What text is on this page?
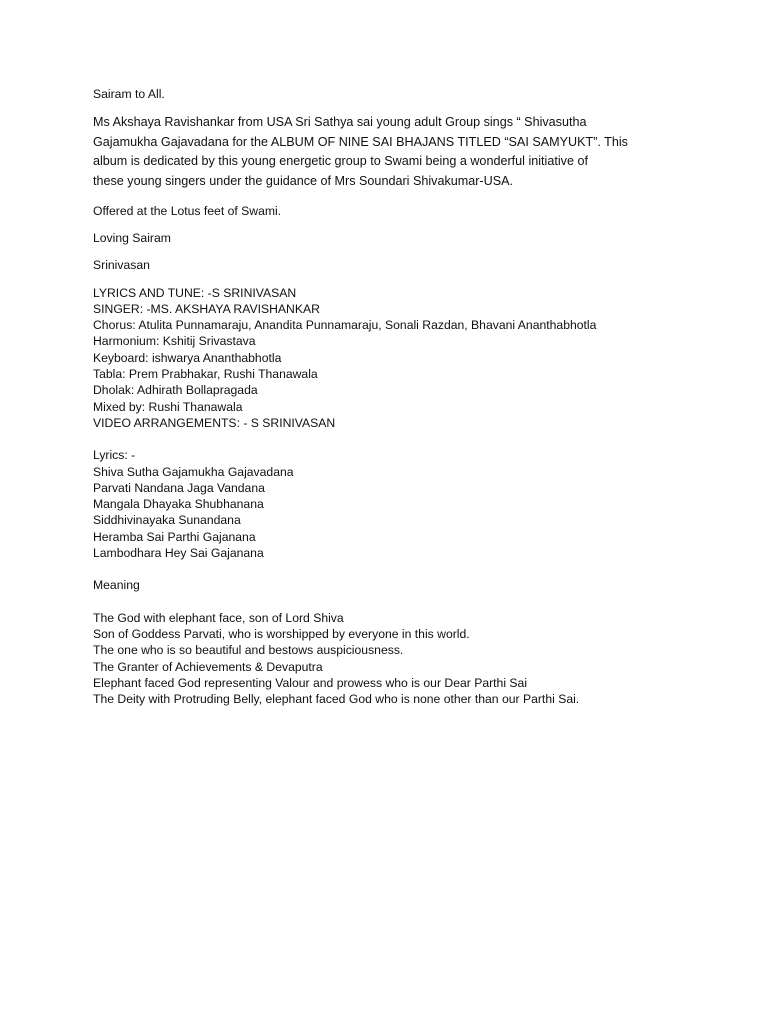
Sairam to All.
Ms Akshaya Ravishankar from USA Sri Sathya sai young adult Group sings “ Shivasutha
Gajamukha Gajavadana for the ALBUM OF NINE SAI BHAJANS TITLED “SAI SAMYUKT”. This
album is dedicated by this young energetic group to Swami being a wonderful initiative of
these young singers under the guidance of Mrs Soundari Shivakumar-USA.
Offered at the Lotus feet of Swami.
Loving Sairam
Srinivasan
LYRICS AND TUNE: -S SRINIVASAN
SINGER: -MS. AKSHAYA RAVISHANKAR
Chorus: Atulita Punnamaraju, Anandita Punnamaraju, Sonali Razdan, Bhavani Ananthabhotla
Harmonium: Kshitij Srivastava
Keyboard: ishwarya Ananthabhotla
Tabla: Prem Prabhakar, Rushi Thanawala
Dholak: Adhirath Bollapragada
Mixed by: Rushi Thanawala
VIDEO ARRANGEMENTS: - S SRINIVASAN
Lyrics: -
Shiva Sutha Gajamukha Gajavadana
Parvati Nandana Jaga Vandana
Mangala Dhayaka Shubhanana
Siddhivinayaka Sunandana
Heramba Sai Parthi Gajanana
Lambodhara Hey Sai Gajanana
Meaning
The God with elephant face, son of Lord Shiva
Son of Goddess Parvati, who is worshipped by everyone in this world.
The one who is so beautiful and bestows auspiciousness.
The Granter of Achievements & Devaputra
Elephant faced God representing Valour and prowess who is our Dear Parthi Sai
The Deity with Protruding Belly, elephant faced God who is none other than our Parthi Sai.
